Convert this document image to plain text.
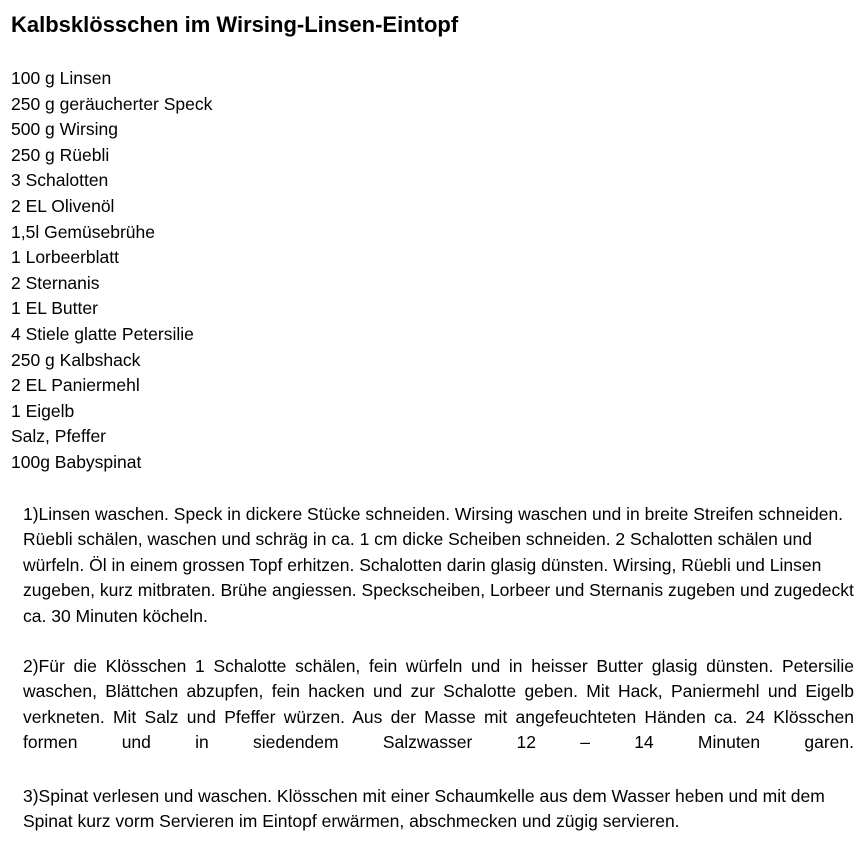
Kalbsklösschen im Wirsing-Linsen-Eintopf
100 g Linsen
250 g geräucherter Speck
500 g Wirsing
250 g Rüebli
3 Schalotten
2 EL Olivenöl
1,5l Gemüsebrühe
1 Lorbeerblatt
2 Sternanis
1 EL Butter
4 Stiele glatte Petersilie
250 g Kalbshack
2 EL Paniermehl
1 Eigelb
Salz, Pfeffer
100g Babyspinat

1)Linsen waschen. Speck in dickere Stücke schneiden. Wirsing waschen und in breite Streifen schneiden. Rüebli schälen, waschen und schräg in ca. 1 cm dicke Scheiben schneiden. 2 Schalotten schälen und würfeln. Öl in einem grossen Topf erhitzen. Schalotten darin glasig dünsten. Wirsing, Rüebli und Linsen zugeben, kurz mitbraten. Brühe angiessen. Speckscheiben, Lorbeer und Sternanis zugeben und zugedeckt ca. 30 Minuten köcheln.

2)Für die Klösschen 1 Schalotte schälen, fein würfeln und in heisser Butter glasig dünsten. Petersilie waschen, Blättchen abzupfen, fein hacken und zur Schalotte geben. Mit Hack, Paniermehl und Eigelb verkneten. Mit Salz und Pfeffer würzen. Aus der Masse mit angefeuchteten Händen ca. 24 Klösschen formen und in siedendem Salzwasser 12 – 14 Minuten garen.

3)Spinat verlesen und waschen. Klösschen mit einer Schaumkelle aus dem Wasser heben und mit dem Spinat kurz vorm Servieren im Eintopf erwärmen, abschmecken und zügig servieren.
